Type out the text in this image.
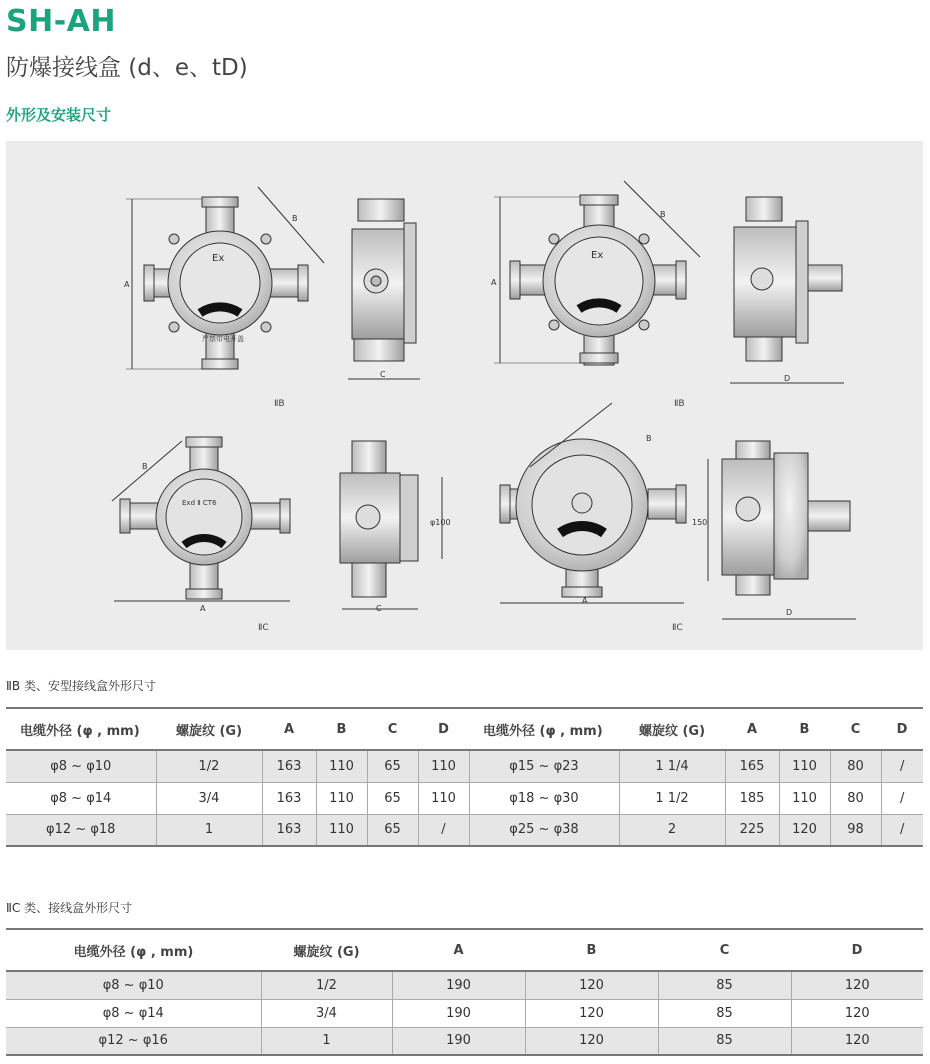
SH-AH
防爆接线盒 (d、e、tD)
外形及安装尺寸
Ex	Ex
Exd Ⅱ CT6
A
B
C
A
B
D
A
B
C
φ100
A
B
150
D
严禁带电开盖
ⅡB	ⅡB
ⅡC	ⅡC
ⅡB 类、安型接线盒外形尺寸
电缆外径 (φ , mm)	螺旋纹 (G)	A	B	C	D	电缆外径 (φ , mm)	螺旋纹 (G)	A	B	C	D
φ8 ~ φ10	1/2	163	110	65	110	φ15 ~ φ23	1 1/4	165	110	80	/
φ8 ~ φ14	3/4	163	110	65	110	φ18 ~ φ30	1 1/2	185	110	80	/
φ12 ~ φ18	1	163	110	65	/	φ25 ~ φ38	2	225	120	98	/
ⅡC 类、接线盒外形尺寸
电缆外径 (φ , mm)	螺旋纹 (G)	A	B	C	D
φ8 ~ φ10	1/2	190	120	85	120
φ8 ~ φ14	3/4	190	120	85	120
φ12 ~ φ16	1	190	120	85	120
